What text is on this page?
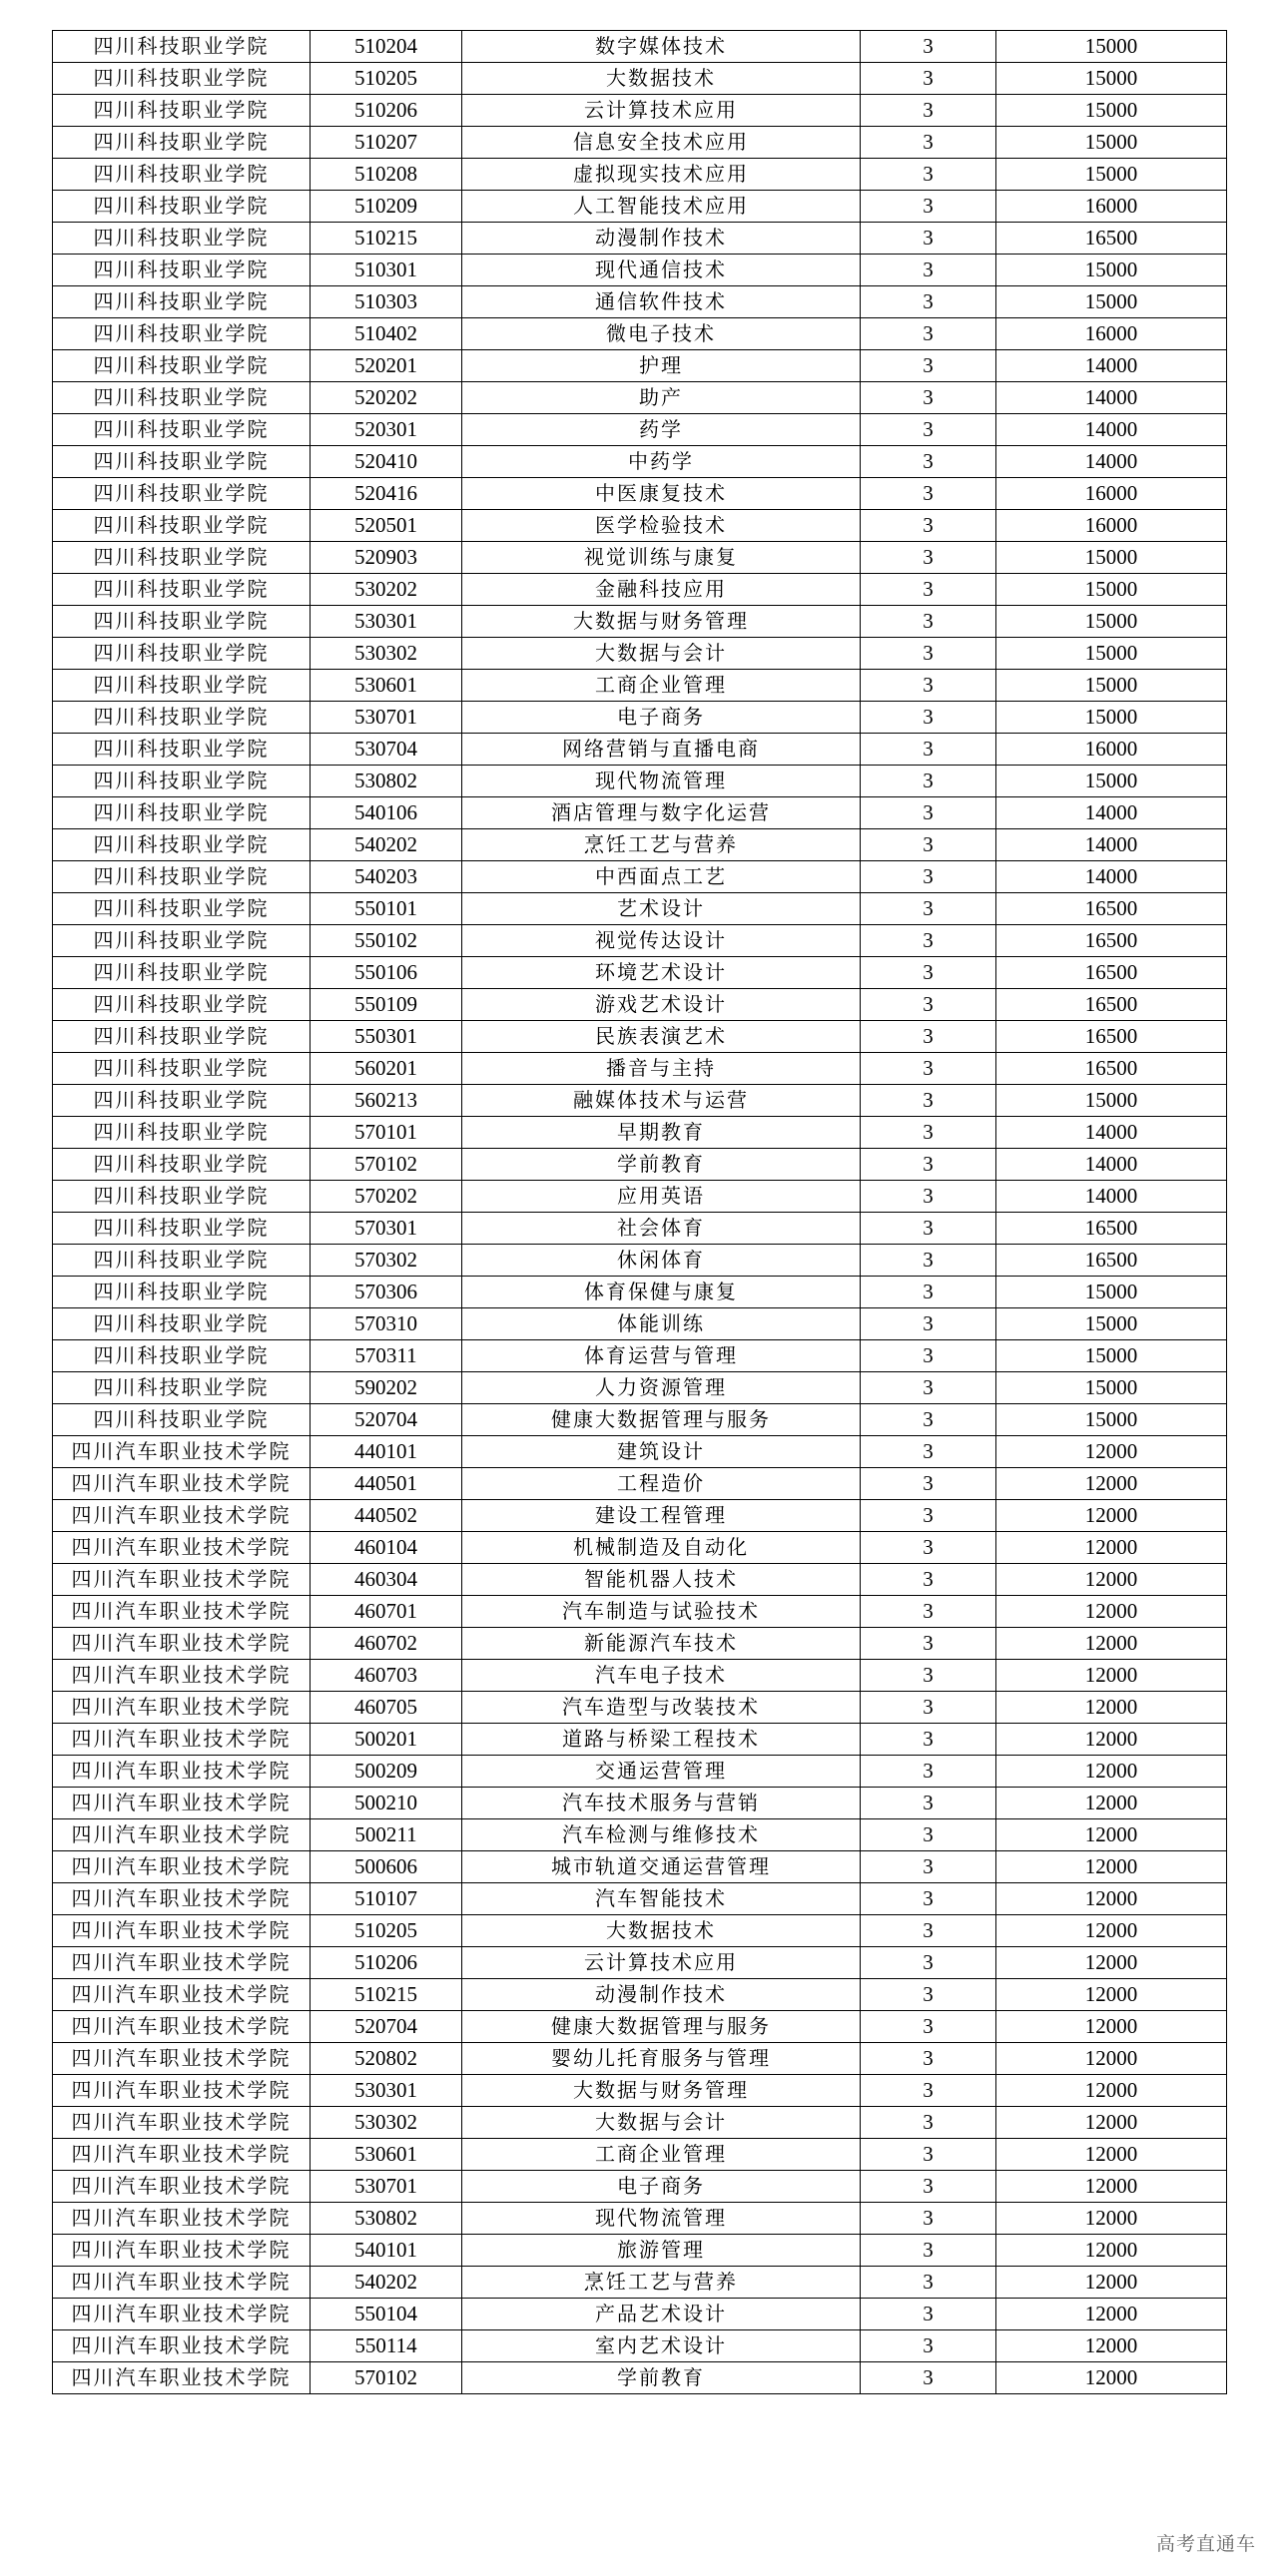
四川科技职业学院	510204	数字媒体技术	3	15000
四川科技职业学院	510205	大数据技术	3	15000
四川科技职业学院	510206	云计算技术应用	3	15000
四川科技职业学院	510207	信息安全技术应用	3	15000
四川科技职业学院	510208	虚拟现实技术应用	3	15000
四川科技职业学院	510209	人工智能技术应用	3	16000
四川科技职业学院	510215	动漫制作技术	3	16500
四川科技职业学院	510301	现代通信技术	3	15000
四川科技职业学院	510303	通信软件技术	3	15000
四川科技职业学院	510402	微电子技术	3	16000
四川科技职业学院	520201	护理	3	14000
四川科技职业学院	520202	助产	3	14000
四川科技职业学院	520301	药学	3	14000
四川科技职业学院	520410	中药学	3	14000
四川科技职业学院	520416	中医康复技术	3	16000
四川科技职业学院	520501	医学检验技术	3	16000
四川科技职业学院	520903	视觉训练与康复	3	15000
四川科技职业学院	530202	金融科技应用	3	15000
四川科技职业学院	530301	大数据与财务管理	3	15000
四川科技职业学院	530302	大数据与会计	3	15000
四川科技职业学院	530601	工商企业管理	3	15000
四川科技职业学院	530701	电子商务	3	15000
四川科技职业学院	530704	网络营销与直播电商	3	16000
四川科技职业学院	530802	现代物流管理	3	15000
四川科技职业学院	540106	酒店管理与数字化运营	3	14000
四川科技职业学院	540202	烹饪工艺与营养	3	14000
四川科技职业学院	540203	中西面点工艺	3	14000
四川科技职业学院	550101	艺术设计	3	16500
四川科技职业学院	550102	视觉传达设计	3	16500
四川科技职业学院	550106	环境艺术设计	3	16500
四川科技职业学院	550109	游戏艺术设计	3	16500
四川科技职业学院	550301	民族表演艺术	3	16500
四川科技职业学院	560201	播音与主持	3	16500
四川科技职业学院	560213	融媒体技术与运营	3	15000
四川科技职业学院	570101	早期教育	3	14000
四川科技职业学院	570102	学前教育	3	14000
四川科技职业学院	570202	应用英语	3	14000
四川科技职业学院	570301	社会体育	3	16500
四川科技职业学院	570302	休闲体育	3	16500
四川科技职业学院	570306	体育保健与康复	3	15000
四川科技职业学院	570310	体能训练	3	15000
四川科技职业学院	570311	体育运营与管理	3	15000
四川科技职业学院	590202	人力资源管理	3	15000
四川科技职业学院	520704	健康大数据管理与服务	3	15000
四川汽车职业技术学院	440101	建筑设计	3	12000
四川汽车职业技术学院	440501	工程造价	3	12000
四川汽车职业技术学院	440502	建设工程管理	3	12000
四川汽车职业技术学院	460104	机械制造及自动化	3	12000
四川汽车职业技术学院	460304	智能机器人技术	3	12000
四川汽车职业技术学院	460701	汽车制造与试验技术	3	12000
四川汽车职业技术学院	460702	新能源汽车技术	3	12000
四川汽车职业技术学院	460703	汽车电子技术	3	12000
四川汽车职业技术学院	460705	汽车造型与改装技术	3	12000
四川汽车职业技术学院	500201	道路与桥梁工程技术	3	12000
四川汽车职业技术学院	500209	交通运营管理	3	12000
四川汽车职业技术学院	500210	汽车技术服务与营销	3	12000
四川汽车职业技术学院	500211	汽车检测与维修技术	3	12000
四川汽车职业技术学院	500606	城市轨道交通运营管理	3	12000
四川汽车职业技术学院	510107	汽车智能技术	3	12000
四川汽车职业技术学院	510205	大数据技术	3	12000
四川汽车职业技术学院	510206	云计算技术应用	3	12000
四川汽车职业技术学院	510215	动漫制作技术	3	12000
四川汽车职业技术学院	520704	健康大数据管理与服务	3	12000
四川汽车职业技术学院	520802	婴幼儿托育服务与管理	3	12000
四川汽车职业技术学院	530301	大数据与财务管理	3	12000
四川汽车职业技术学院	530302	大数据与会计	3	12000
四川汽车职业技术学院	530601	工商企业管理	3	12000
四川汽车职业技术学院	530701	电子商务	3	12000
四川汽车职业技术学院	530802	现代物流管理	3	12000
四川汽车职业技术学院	540101	旅游管理	3	12000
四川汽车职业技术学院	540202	烹饪工艺与营养	3	12000
四川汽车职业技术学院	550104	产品艺术设计	3	12000
四川汽车职业技术学院	550114	室内艺术设计	3	12000
四川汽车职业技术学院	570102	学前教育	3	12000
高考直通车
